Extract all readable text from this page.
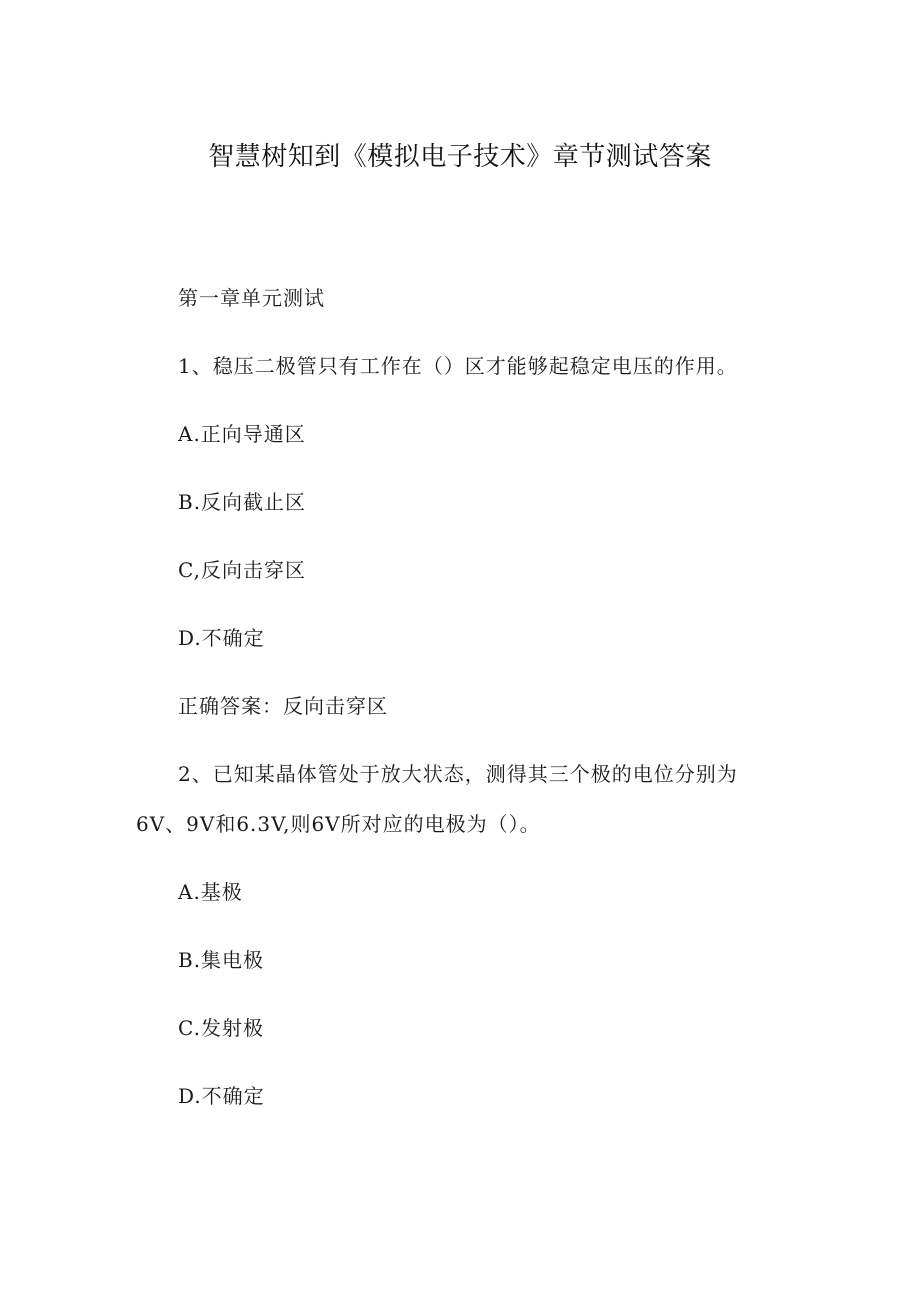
智慧树知到《模拟电子技术》章节测试答案
第一章单元测试
1、稳压二极管只有工作在（）区才能够起稳定电压的作用。
A.正向导通区
B.反向截止区
C,反向击穿区
D.不确定
正确答案：反向击穿区
2、已知某晶体管处于放大状态，测得其三个极的电位分别为
6V、9V和6.3V,则6V所对应的电极为（）。
A.基极
B.集电极
C.发射极
D.不确定
